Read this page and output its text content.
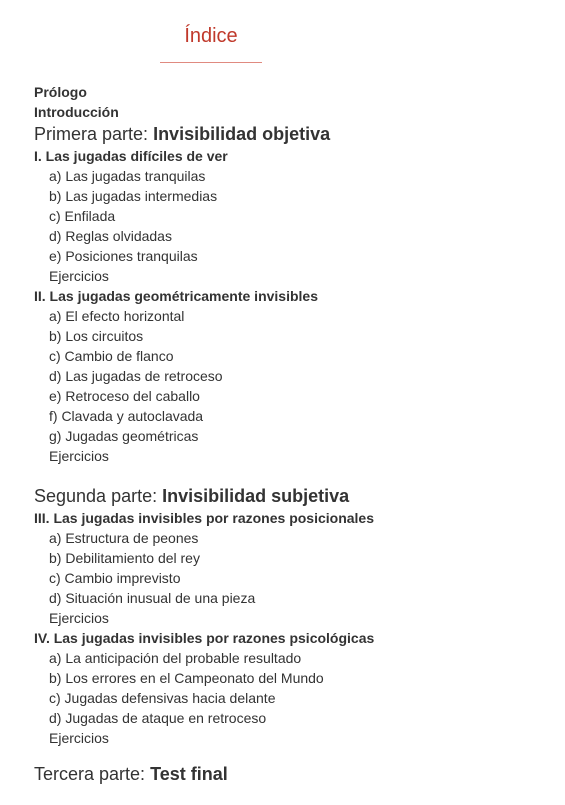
Índice
Prólogo
Introducción
Primera parte: Invisibilidad objetiva
I. Las jugadas difíciles de ver
a) Las jugadas tranquilas
b) Las jugadas intermedias
c) Enfilada
d) Reglas olvidadas
e) Posiciones tranquilas
Ejercicios
II. Las jugadas geométricamente invisibles
a) El efecto horizontal
b) Los circuitos
c) Cambio de flanco
d) Las jugadas de retroceso
e) Retroceso del caballo
f) Clavada y autoclavada
g) Jugadas geométricas
Ejercicios
Segunda parte: Invisibilidad subjetiva
III. Las jugadas invisibles por razones posicionales
a) Estructura de peones
b) Debilitamiento del rey
c) Cambio imprevisto
d) Situación inusual de una pieza
Ejercicios
IV. Las jugadas invisibles por razones psicológicas
a) La anticipación del probable resultado
b) Los errores en el Campeonato del Mundo
c) Jugadas defensivas hacia delante
d) Jugadas de ataque en retroceso
Ejercicios
Tercera parte: Test final
